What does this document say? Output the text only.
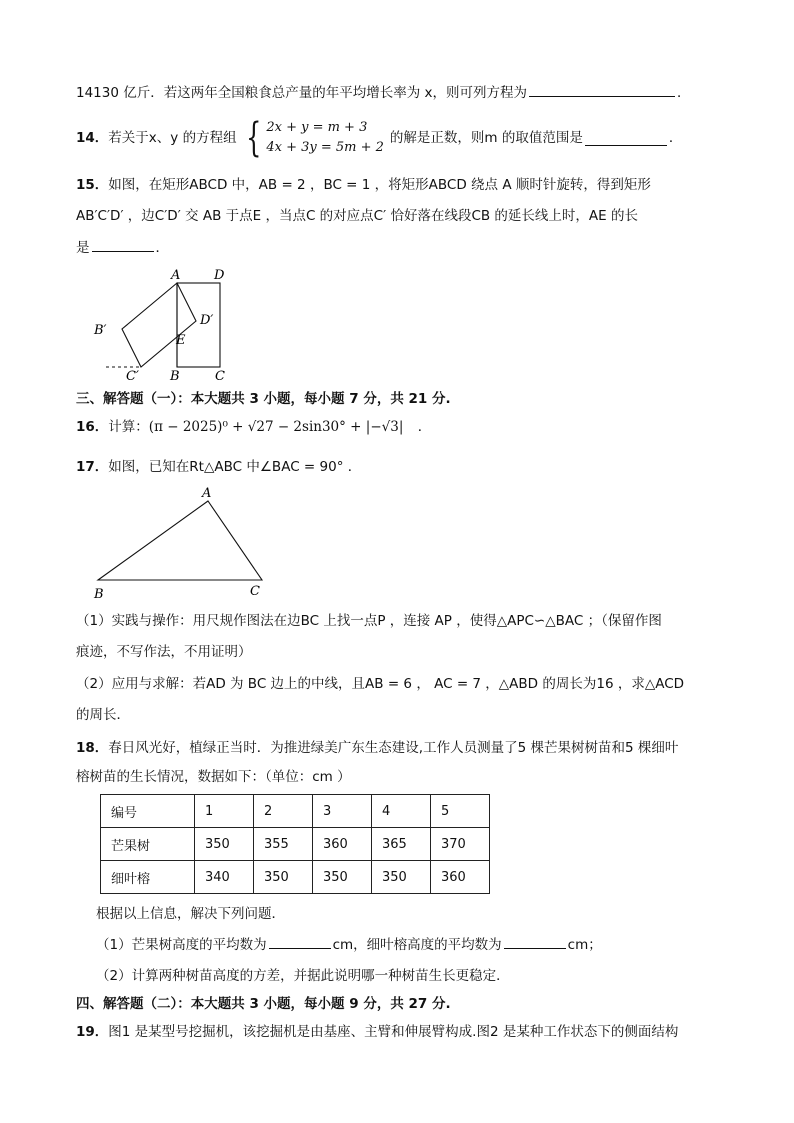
14130 亿斤．若这两年全国粮食总产量的年平均增长率为 x，则可列方程为	．
14．若关于x、y 的方程组 { 2x + y = m + 3
4x + 3y = 5m + 2
的解是正数，则m 的取值范围是	．
15．如图，在矩形ABCD 中，AB = 2 ，BC = 1 ，将矩形ABCD 绕点 A 顺时针旋转，得到矩形
AB′C′D′ ，边C′D′ 交 AB 于点E ，当点C 的对应点C′ 恰好落在线段CB 的延长线上时，AE 的长
是	．
A	D
B′
D′
E
C′ B	C
三、解答题（一）：本大题共 3 小题，每小题 7 分，共 21 分.
16．计算：(π − 2025)⁰ + √27 − 2sin30° + |−√3| ．
17．如图，已知在Rt△ABC 中∠BAC = 90° ．
A
B	C
（1）实践与操作：用尺规作图法在边BC 上找一点P ，连接 AP ，使得△APC∽△BAC ；（保留作图
痕迹，不写作法，不用证明）
（2）应用与求解：若AD 为 BC 边上的中线，且AB = 6 ， AC = 7 ，△ABD 的周长为16 ，求△ACD
的周长．
18．春日风光好，植绿正当时．为推进绿美广东生态建设,工作人员测量了5 棵芒果树树苗和5 棵细叶
榕树苗的生长情况，数据如下：（单位：cm ）
编号	1	2	3	4	5
芒果树	350	355	360	365	370
细叶榕	340	350	350	350	360
根据以上信息，解决下列问题．
（1）芒果树高度的平均数为	cm，细叶榕高度的平均数为	cm；
（2）计算两种树苗高度的方差，并据此说明哪一种树苗生长更稳定．
四、解答题（二）：本大题共 3 小题，每小题 9 分，共 27 分.
19．图1 是某型号挖掘机，该挖掘机是由基座、主臂和伸展臂构成.图2 是某种工作状态下的侧面结构
